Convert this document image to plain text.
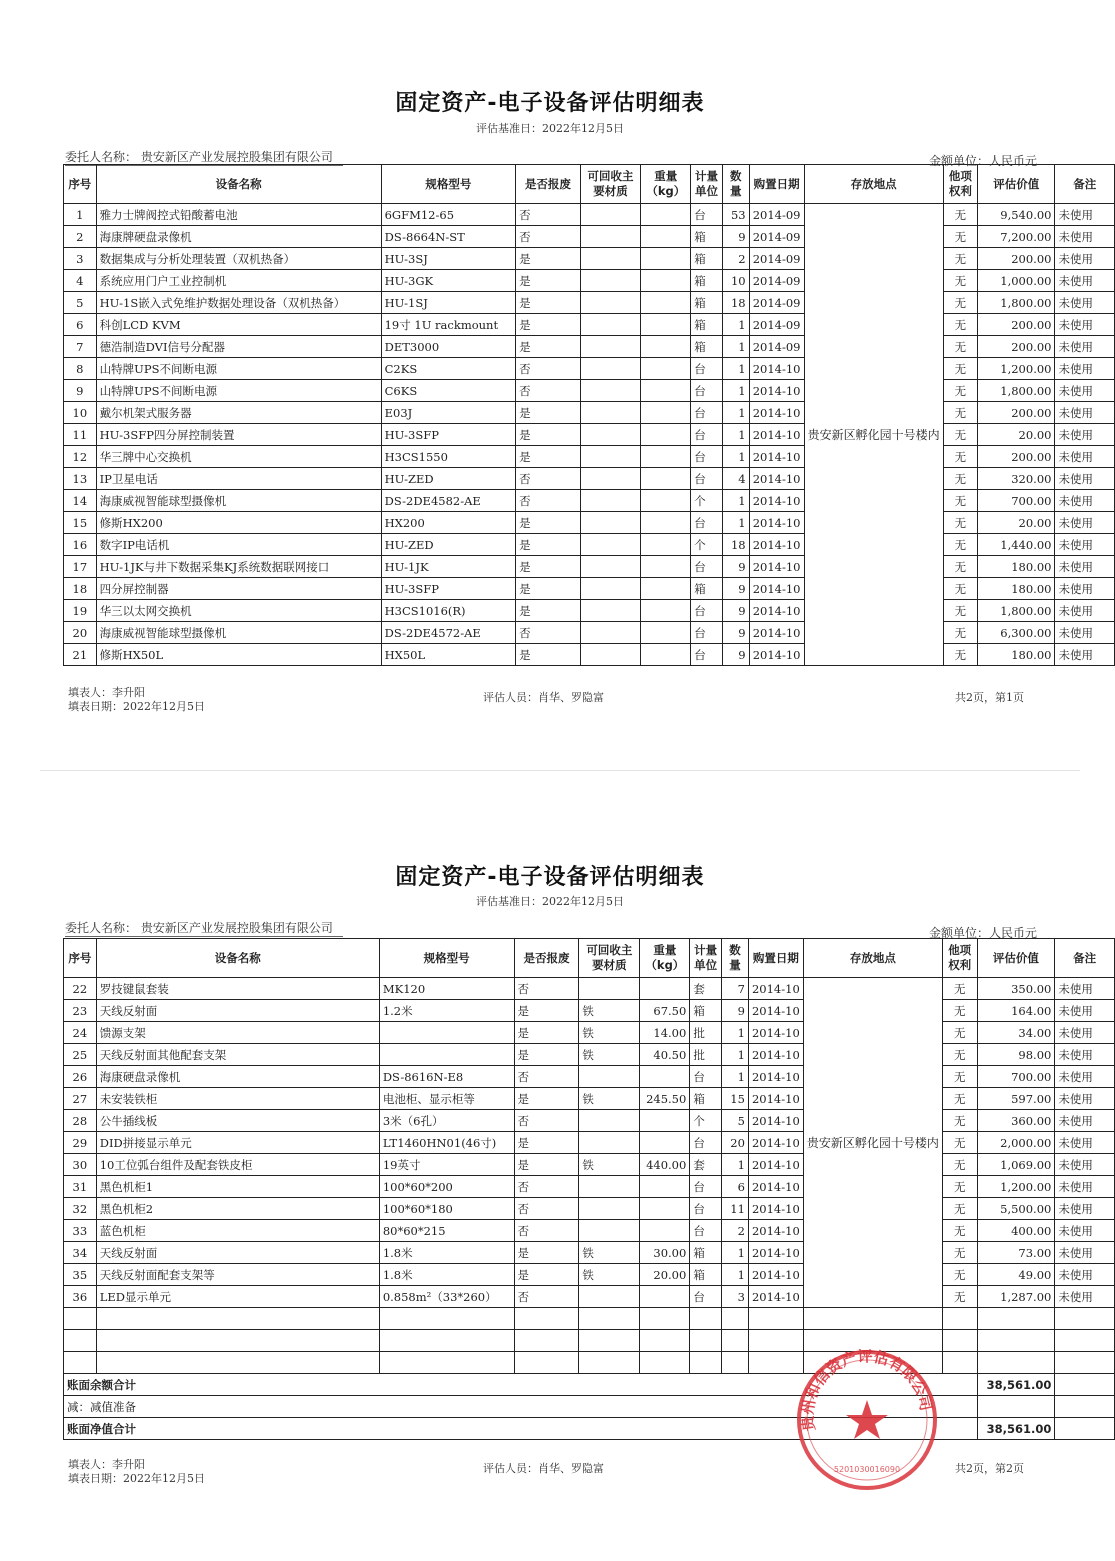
固定资产-电子设备评估明细表
评估基准日：2022年12月5日
委托人名称： 贵安新区产业发展控股集团有限公司	金额单位：人民币元
序号	设备名称	规格型号	是否报废	可回收主要材质	重量（kg）	计量单位	数量	购置日期	存放地点	他项权利	评估价值	备注
1	雅力士牌阀控式铅酸蓄电池	6GFM12-65	否			台	53	2014-09	贵安新区孵化园十号楼内	无	9,540.00	未使用
2	海康牌硬盘录像机	DS-8664N-ST	否			箱	9	2014-09		无	7,200.00	未使用
3	数据集成与分析处理装置（双机热备）	HU-3SJ	是			箱	2	2014-09		无	200.00	未使用
4	系统应用门户工业控制机	HU-3GK	是			箱	10	2014-09		无	1,000.00	未使用
5	HU-1S嵌入式免维护数据处理设备（双机热备）	HU-1SJ	是			箱	18	2014-09		无	1,800.00	未使用
6	科创LCD KVM	19寸 1U rackmount	是			箱	1	2014-09		无	200.00	未使用
7	德浩制造DVI信号分配器	DET3000	是			箱	1	2014-09		无	200.00	未使用
8	山特牌UPS不间断电源	C2KS	否			台	1	2014-10		无	1,200.00	未使用
9	山特牌UPS不间断电源	C6KS	否			台	1	2014-10		无	1,800.00	未使用
10	戴尔机架式服务器	E03J	是			台	1	2014-10		无	200.00	未使用
11	HU-3SFP四分屏控制装置	HU-3SFP	是			台	1	2014-10		无	20.00	未使用
12	华三牌中心交换机	H3CS1550	是			台	1	2014-10		无	200.00	未使用
13	IP卫星电话	HU-ZED	否			台	4	2014-10		无	320.00	未使用
14	海康威视智能球型摄像机	DS-2DE4582-AE	否			个	1	2014-10		无	700.00	未使用
15	修斯HX200	HX200	是			台	1	2014-10		无	20.00	未使用
16	数字IP电话机	HU-ZED	是			个	18	2014-10		无	1,440.00	未使用
17	HU-1JK与井下数据采集KJ系统数据联网接口	HU-1JK	是			台	9	2014-10		无	180.00	未使用
18	四分屏控制器	HU-3SFP	是			箱	9	2014-10		无	180.00	未使用
19	华三以太网交换机	H3CS1016(R)	是			台	9	2014-10		无	1,800.00	未使用
20	海康威视智能球型摄像机	DS-2DE4572-AE	否			台	9	2014-10		无	6,300.00	未使用
21	修斯HX50L	HX50L	是			台	9	2014-10		无	180.00	未使用
填表人：李升阳
填表日期：2022年12月5日
评估人员：肖华、罗隐富	共2页，第1页
固定资产-电子设备评估明细表
评估基准日：2022年12月5日
委托人名称： 贵安新区产业发展控股集团有限公司	金额单位：人民币元
序号	设备名称	规格型号	是否报废	可回收主要材质	重量（kg）	计量单位	数量	购置日期	存放地点	他项权利	评估价值	备注
22	罗技键鼠套装	MK120	否			套	7	2014-10	贵安新区孵化园十号楼内	无	350.00	未使用
23	天线反射面	1.2米	是	铁	67.50	箱	9	2014-10		无	164.00	未使用
24	馈源支架		是	铁	14.00	批	1	2014-10		无	34.00	未使用
25	天线反射面其他配套支架		是	铁	40.50	批	1	2014-10		无	98.00	未使用
26	海康硬盘录像机	DS-8616N-E8	否			台	1	2014-10		无	700.00	未使用
27	未安装铁柜	电池柜、显示柜等	是	铁	245.50	箱	15	2014-10		无	597.00	未使用
28	公牛插线板	3米（6孔）	否			个	5	2014-10		无	360.00	未使用
29	DID拼接显示单元	LT1460HN01(46寸)	是			台	20	2014-10		无	2,000.00	未使用
30	10工位弧台组件及配套铁皮柜	19英寸	是	铁	440.00	套	1	2014-10		无	1,069.00	未使用
31	黑色机柜1	100*60*200	否			台	6	2014-10		无	1,200.00	未使用
32	黑色机柜2	100*60*180	否			台	11	2014-10		无	5,500.00	未使用
33	蓝色机柜	80*60*215	否			台	2	2014-10		无	400.00	未使用
34	天线反射面	1.8米	是	铁	30.00	箱	1	2014-10		无	73.00	未使用
35	天线反射面配套支架等	1.8米	是	铁	20.00	箱	1	2014-10		无	49.00	未使用
36	LED显示单元	0.858m²（33*260）	否			台	3	2014-10		无	1,287.00	未使用

账面余额合计											38,561.00	
减：减值准备												
账面净值合计											38,561.00	
填表人：李升阳
填表日期：2022年12月5日
评估人员：肖华、罗隐富	共2页，第2页
贵州和信资产评估有限公司
5201030016090
